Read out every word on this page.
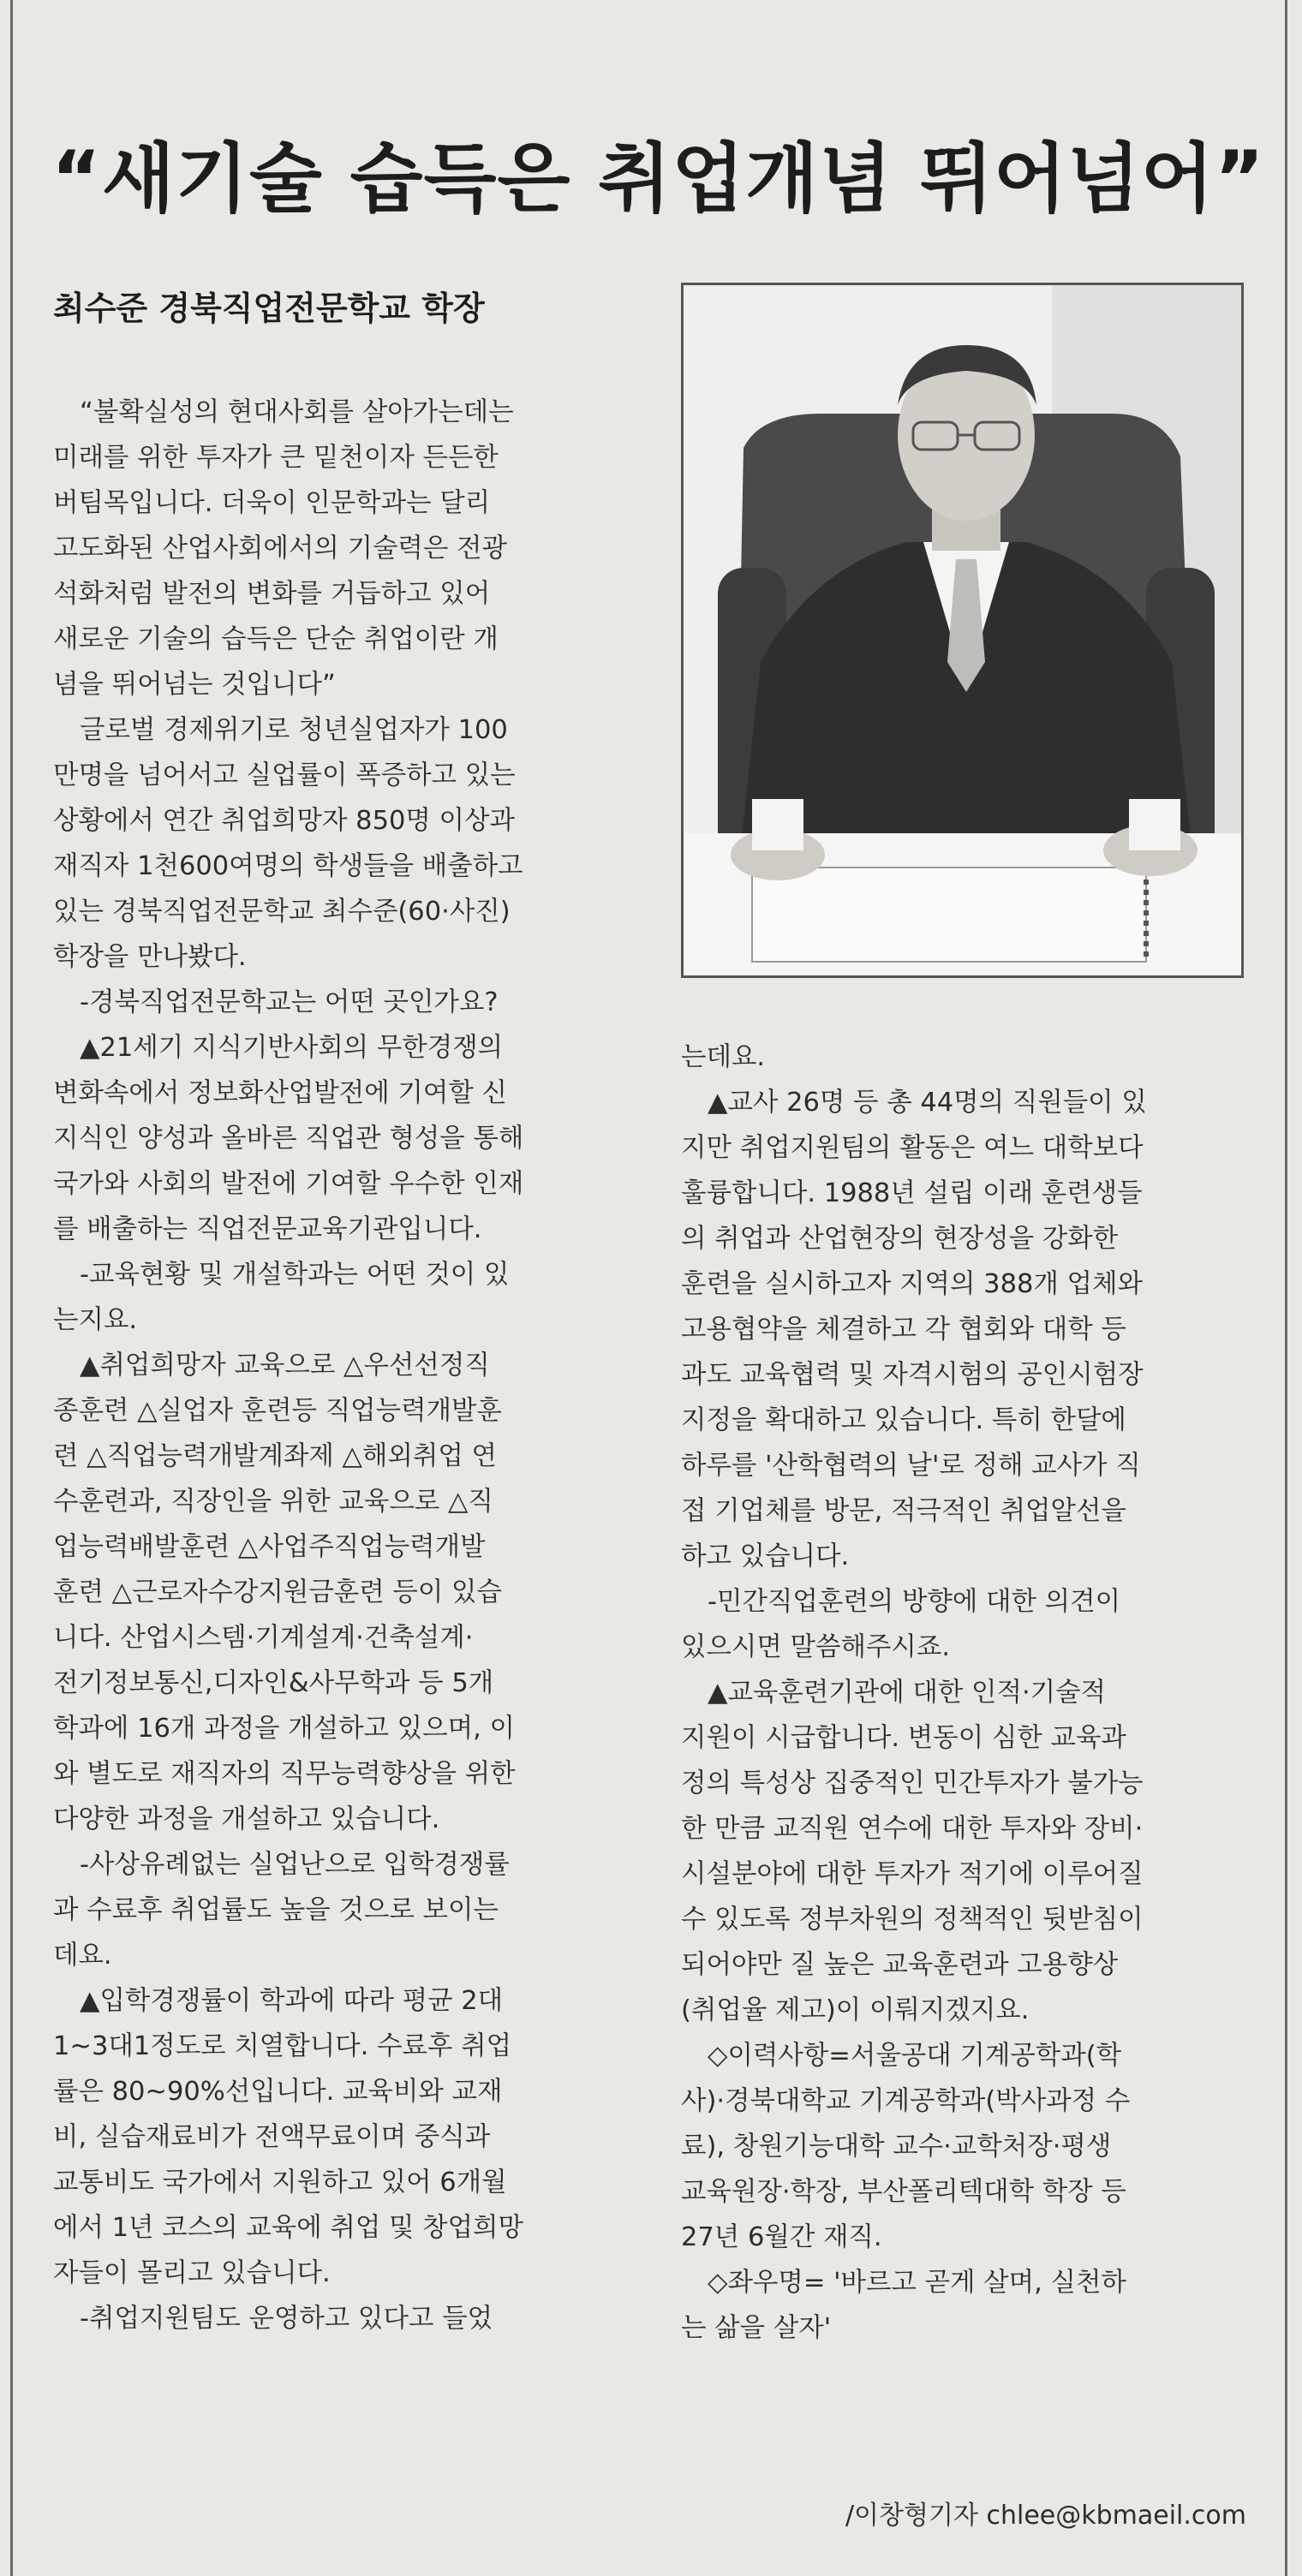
“새기술 습득은 취업개념 뛰어넘어”
최수준 경북직업전문학교 학장
“불확실성의 현대사회를 살아가는데는
미래를 위한 투자가 큰 밑천이자 든든한
버팀목입니다. 더욱이 인문학과는 달리
고도화된 산업사회에서의 기술력은 전광
석화처럼 발전의 변화를 거듭하고 있어
새로운 기술의 습득은 단순 취업이란 개
념을 뛰어넘는 것입니다”
글로벌 경제위기로 청년실업자가 100
만명을 넘어서고 실업률이 폭증하고 있는
상황에서 연간 취업희망자 850명 이상과
재직자 1천600여명의 학생들을 배출하고
있는 경북직업전문학교 최수준(60·사진)
학장을 만나봤다.
-경북직업전문학교는 어떤 곳인가요?
▲21세기 지식기반사회의 무한경쟁의
변화속에서 정보화산업발전에 기여할 신
지식인 양성과 올바른 직업관 형성을 통해
국가와 사회의 발전에 기여할 우수한 인재
를 배출하는 직업전문교육기관입니다.
-교육현황 및 개설학과는 어떤 것이 있
는지요.
▲취업희망자 교육으로 △우선선정직
종훈련 △실업자 훈련등 직업능력개발훈
련 △직업능력개발계좌제 △해외취업 연
수훈련과, 직장인을 위한 교육으로 △직
업능력배발훈련 △사업주직업능력개발
훈련 △근로자수강지원금훈련 등이 있습
니다. 산업시스템·기계설계·건축설계·
전기정보통신,디자인&사무학과 등 5개
학과에 16개 과정을 개설하고 있으며, 이
와 별도로 재직자의 직무능력향상을 위한
다양한 과정을 개설하고 있습니다.
-사상유례없는 실업난으로 입학경쟁률
과 수료후 취업률도 높을 것으로 보이는
데요.
▲입학경쟁률이 학과에 따라 평균 2대
1~3대1정도로 치열합니다. 수료후 취업
률은 80~90%선입니다. 교육비와 교재
비, 실습재료비가 전액무료이며 중식과
교통비도 국가에서 지원하고 있어 6개월
에서 1년 코스의 교육에 취업 및 창업희망
자들이 몰리고 있습니다.
-취업지원팀도 운영하고 있다고 들었
는데요.
▲교사 26명 등 총 44명의 직원들이 있
지만 취업지원팀의 활동은 여느 대학보다
훌륭합니다. 1988년 설립 이래 훈련생들
의 취업과 산업현장의 현장성을 강화한
훈련을 실시하고자 지역의 388개 업체와
고용협약을 체결하고 각 협회와 대학 등
과도 교육협력 및 자격시험의 공인시험장
지정을 확대하고 있습니다. 특히 한달에
하루를 '산학협력의 날'로 정해 교사가 직
접 기업체를 방문, 적극적인 취업알선을
하고 있습니다.
-민간직업훈련의 방향에 대한 의견이
있으시면 말씀해주시죠.
▲교육훈련기관에 대한 인적·기술적
지원이 시급합니다. 변동이 심한 교육과
정의 특성상 집중적인 민간투자가 불가능
한 만큼 교직원 연수에 대한 투자와 장비·
시설분야에 대한 투자가 적기에 이루어질
수 있도록 정부차원의 정책적인 뒷받침이
되어야만 질 높은 교육훈련과 고용향상
(취업율 제고)이 이뤄지겠지요.
◇이력사항=서울공대 기계공학과(학
사)·경북대학교 기계공학과(박사과정 수
료), 창원기능대학 교수·교학처장·평생
교육원장·학장, 부산폴리텍대학 학장 등
27년 6월간 재직.
◇좌우명= '바르고 곧게 살며, 실천하
는 삶을 살자'
/이창형기자 chlee@kbmaeil.com
